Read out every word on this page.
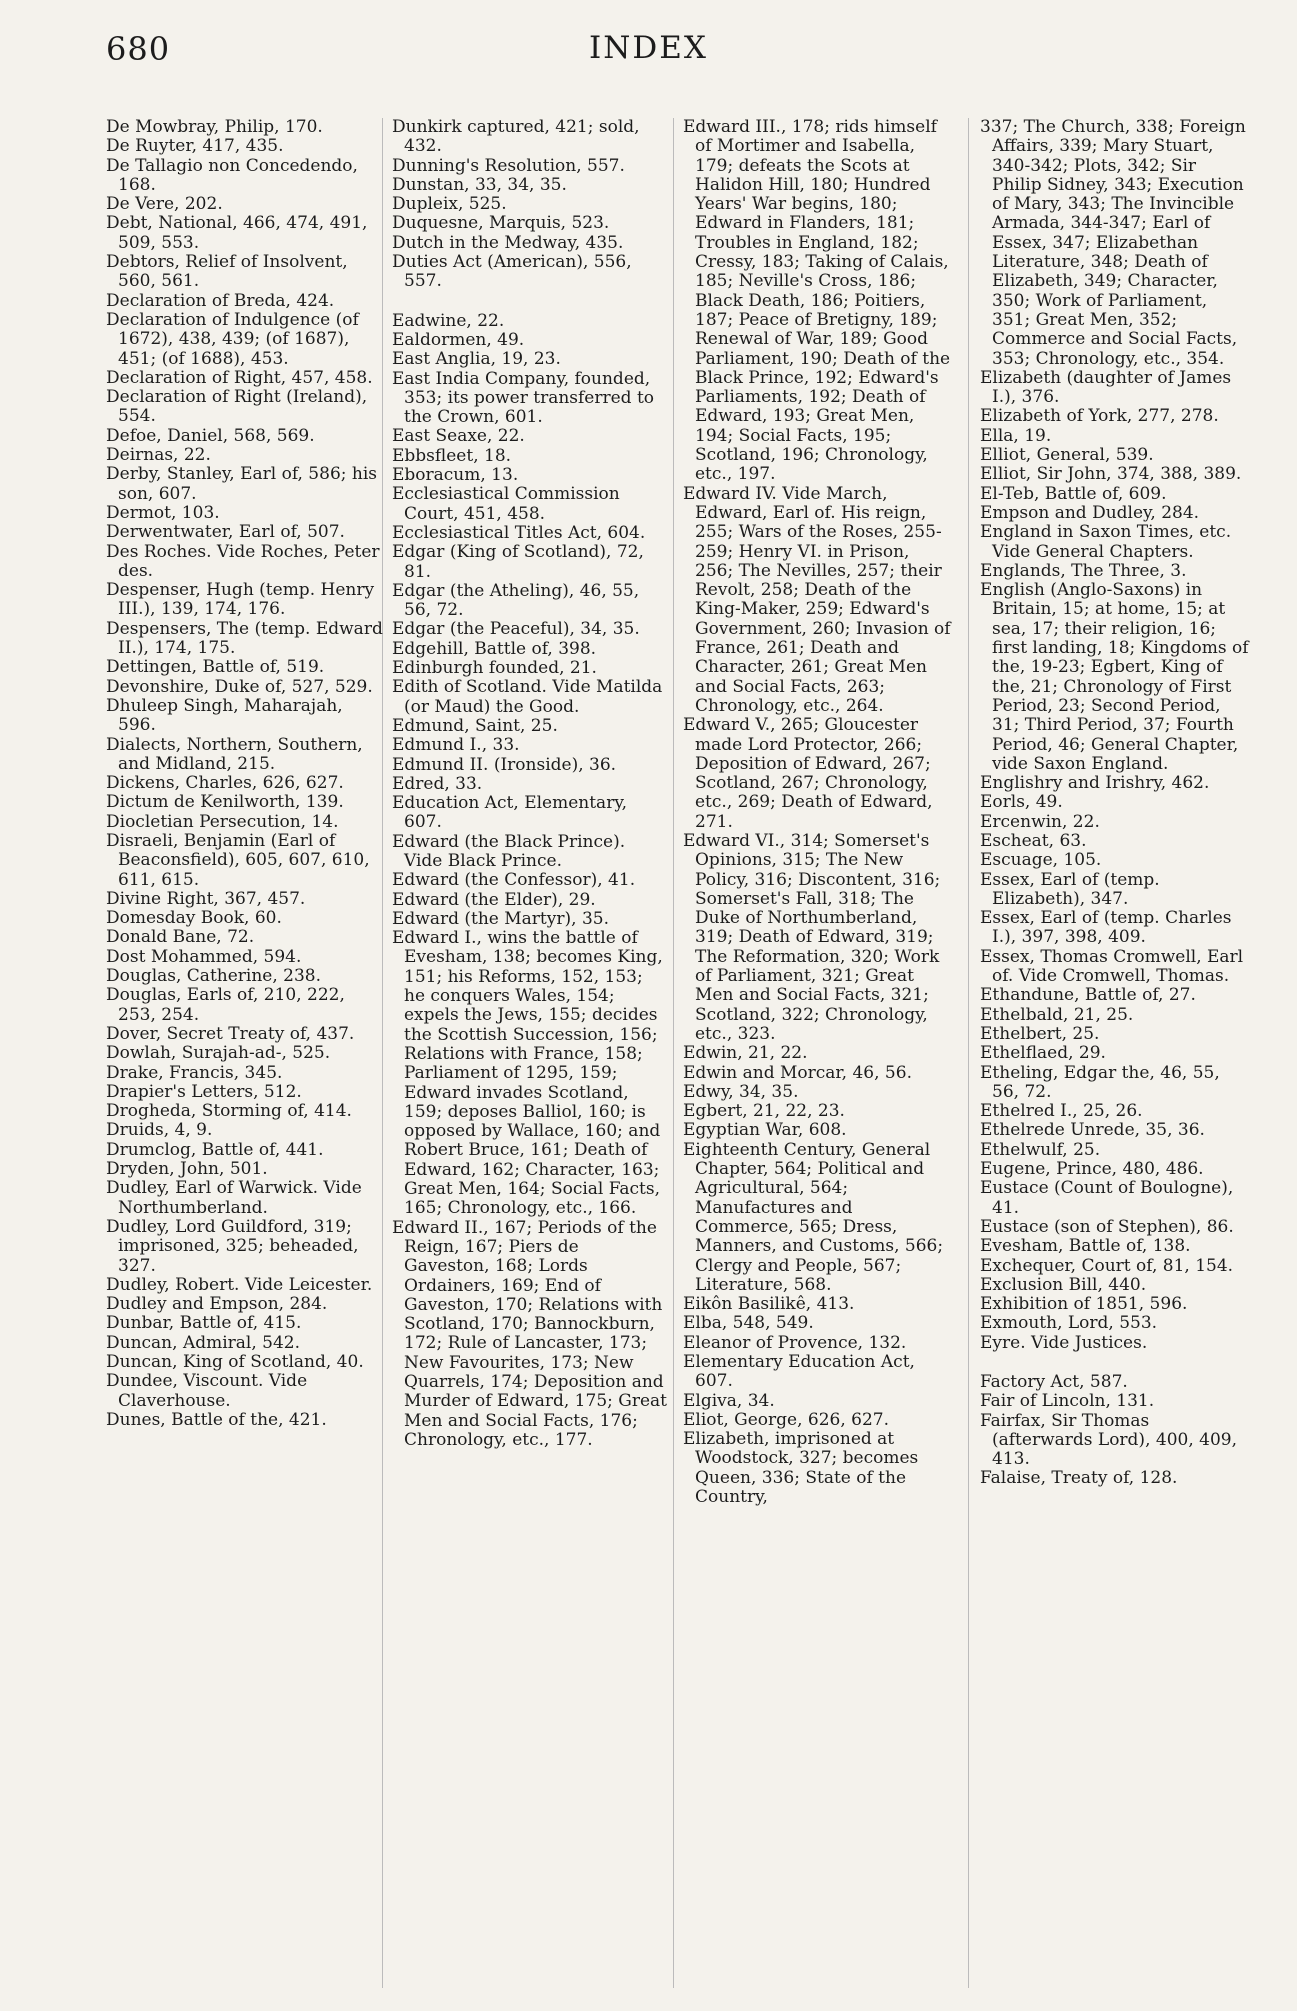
680	INDEX
De Mowbray, Philip, 170.
De Ruyter, 417, 435.
De Tallagio non Concedendo, 168.
De Vere, 202.
Debt, National, 466, 474, 491, 509, 553.
Debtors, Relief of Insolvent, 560, 561.
Declaration of Breda, 424.
Declaration of Indulgence (of 1672), 438, 439; (of 1687), 451; (of 1688), 453.
Declaration of Right, 457, 458.
Declaration of Right (Ireland), 554.
Defoe, Daniel, 568, 569.
Deirnas, 22.
Derby, Stanley, Earl of, 586; his son, 607.
Dermot, 103.
Derwentwater, Earl of, 507.
Des Roches. Vide Roches, Peter des.
Despenser, Hugh (temp. Henry III.), 139, 174, 176.
Despensers, The (temp. Edward II.), 174, 175.
Dettingen, Battle of, 519.
Devonshire, Duke of, 527, 529.
Dhuleep Singh, Maharajah, 596.
Dialects, Northern, Southern, and Midland, 215.
Dickens, Charles, 626, 627.
Dictum de Kenilworth, 139.
Diocletian Persecution, 14.
Disraeli, Benjamin (Earl of Beaconsfield), 605, 607, 610, 611, 615.
Divine Right, 367, 457.
Domesday Book, 60.
Donald Bane, 72.
Dost Mohammed, 594.
Douglas, Catherine, 238.
Douglas, Earls of, 210, 222, 253, 254.
Dover, Secret Treaty of, 437.
Dowlah, Surajah-ad-, 525.
Drake, Francis, 345.
Drapier's Letters, 512.
Drogheda, Storming of, 414.
Druids, 4, 9.
Drumclog, Battle of, 441.
Dryden, John, 501.
Dudley, Earl of Warwick. Vide Northumberland.
Dudley, Lord Guildford, 319; imprisoned, 325; beheaded, 327.
Dudley, Robert. Vide Leicester.
Dudley and Empson, 284.
Dunbar, Battle of, 415.
Duncan, Admiral, 542.
Duncan, King of Scotland, 40.
Dundee, Viscount. Vide Claverhouse.
Dunes, Battle of the, 421.
Dunkirk captured, 421; sold, 432.
Dunning's Resolution, 557.
Dunstan, 33, 34, 35.
Dupleix, 525.
Duquesne, Marquis, 523.
Dutch in the Medway, 435.
Duties Act (American), 556, 557.
Eadwine, 22.
Ealdormen, 49.
East Anglia, 19, 23.
East India Company, founded, 353; its power transferred to the Crown, 601.
East Seaxe, 22.
Ebbsfleet, 18.
Eboracum, 13.
Ecclesiastical Commission Court, 451, 458.
Ecclesiastical Titles Act, 604.
Edgar (King of Scotland), 72, 81.
Edgar (the Atheling), 46, 55, 56, 72.
Edgar (the Peaceful), 34, 35.
Edgehill, Battle of, 398.
Edinburgh founded, 21.
Edith of Scotland. Vide Matilda (or Maud) the Good.
Edmund, Saint, 25.
Edmund I., 33.
Edmund II. (Ironside), 36.
Edred, 33.
Education Act, Elementary, 607.
Edward (the Black Prince). Vide Black Prince.
Edward (the Confessor), 41.
Edward (the Elder), 29.
Edward (the Martyr), 35.
Edward I., wins the battle of Evesham, 138; becomes King, 151; his Reforms, 152, 153; he conquers Wales, 154; expels the Jews, 155; decides the Scottish Succession, 156; Relations with France, 158; Parliament of 1295, 159; Edward invades Scotland, 159; deposes Balliol, 160; is opposed by Wallace, 160; and Robert Bruce, 161; Death of Edward, 162; Character, 163; Great Men, 164; Social Facts, 165; Chronology, etc., 166.
Edward II., 167; Periods of the Reign, 167; Piers de Gaveston, 168; Lords Ordainers, 169; End of Gaveston, 170; Relations with Scotland, 170; Bannockburn, 172; Rule of Lancaster, 173; New Favourites, 173; New Quarrels, 174; Deposition and Murder of Edward, 175; Great Men and Social Facts, 176; Chronology, etc., 177.
Edward III., 178; rids himself of Mortimer and Isabella, 179; defeats the Scots at Halidon Hill, 180; Hundred Years' War begins, 180; Edward in Flanders, 181; Troubles in England, 182; Cressy, 183; Taking of Calais, 185; Neville's Cross, 186; Black Death, 186; Poitiers, 187; Peace of Bretigny, 189; Renewal of War, 189; Good Parliament, 190; Death of the Black Prince, 192; Edward's Parliaments, 192; Death of Edward, 193; Great Men, 194; Social Facts, 195; Scotland, 196; Chronology, etc., 197.
Edward IV. Vide March, Edward, Earl of. His reign, 255; Wars of the Roses, 255-259; Henry VI. in Prison, 256; The Nevilles, 257; their Revolt, 258; Death of the King-Maker, 259; Edward's Government, 260; Invasion of France, 261; Death and Character, 261; Great Men and Social Facts, 263; Chronology, etc., 264.
Edward V., 265; Gloucester made Lord Protector, 266; Deposition of Edward, 267; Scotland, 267; Chronology, etc., 269; Death of Edward, 271.
Edward VI., 314; Somerset's Opinions, 315; The New Policy, 316; Discontent, 316; Somerset's Fall, 318; The Duke of Northumberland, 319; Death of Edward, 319; The Reformation, 320; Work of Parliament, 321; Great Men and Social Facts, 321; Scotland, 322; Chronology, etc., 323.
Edwin, 21, 22.
Edwin and Morcar, 46, 56.
Edwy, 34, 35.
Egbert, 21, 22, 23.
Egyptian War, 608.
Eighteenth Century, General Chapter, 564; Political and Agricultural, 564; Manufactures and Commerce, 565; Dress, Manners, and Customs, 566; Clergy and People, 567; Literature, 568.
Eikôn Basilikê, 413.
Elba, 548, 549.
Eleanor of Provence, 132.
Elementary Education Act, 607.
Elgiva, 34.
Eliot, George, 626, 627.
Elizabeth, imprisoned at Woodstock, 327; becomes Queen, 336; State of the Country,
337; The Church, 338; Foreign Affairs, 339; Mary Stuart, 340-342; Plots, 342; Sir Philip Sidney, 343; Execution of Mary, 343; The Invincible Armada, 344-347; Earl of Essex, 347; Elizabethan Literature, 348; Death of Elizabeth, 349; Character, 350; Work of Parliament, 351; Great Men, 352; Commerce and Social Facts, 353; Chronology, etc., 354.
Elizabeth (daughter of James I.), 376.
Elizabeth of York, 277, 278.
Ella, 19.
Elliot, General, 539.
Elliot, Sir John, 374, 388, 389.
El-Teb, Battle of, 609.
Empson and Dudley, 284.
England in Saxon Times, etc. Vide General Chapters.
Englands, The Three, 3.
English (Anglo-Saxons) in Britain, 15; at home, 15; at sea, 17; their religion, 16; first landing, 18; Kingdoms of the, 19-23; Egbert, King of the, 21; Chronology of First Period, 23; Second Period, 31; Third Period, 37; Fourth Period, 46; General Chapter, vide Saxon England.
Englishry and Irishry, 462.
Eorls, 49.
Ercenwin, 22.
Escheat, 63.
Escuage, 105.
Essex, Earl of (temp. Elizabeth), 347.
Essex, Earl of (temp. Charles I.), 397, 398, 409.
Essex, Thomas Cromwell, Earl of. Vide Cromwell, Thomas.
Ethandune, Battle of, 27.
Ethelbald, 21, 25.
Ethelbert, 25.
Ethelflaed, 29.
Etheling, Edgar the, 46, 55, 56, 72.
Ethelred I., 25, 26.
Ethelrede Unrede, 35, 36.
Ethelwulf, 25.
Eugene, Prince, 480, 486.
Eustace (Count of Boulogne), 41.
Eustace (son of Stephen), 86.
Evesham, Battle of, 138.
Exchequer, Court of, 81, 154.
Exclusion Bill, 440.
Exhibition of 1851, 596.
Exmouth, Lord, 553.
Eyre. Vide Justices.
Factory Act, 587.
Fair of Lincoln, 131.
Fairfax, Sir Thomas (afterwards Lord), 400, 409, 413.
Falaise, Treaty of, 128.
